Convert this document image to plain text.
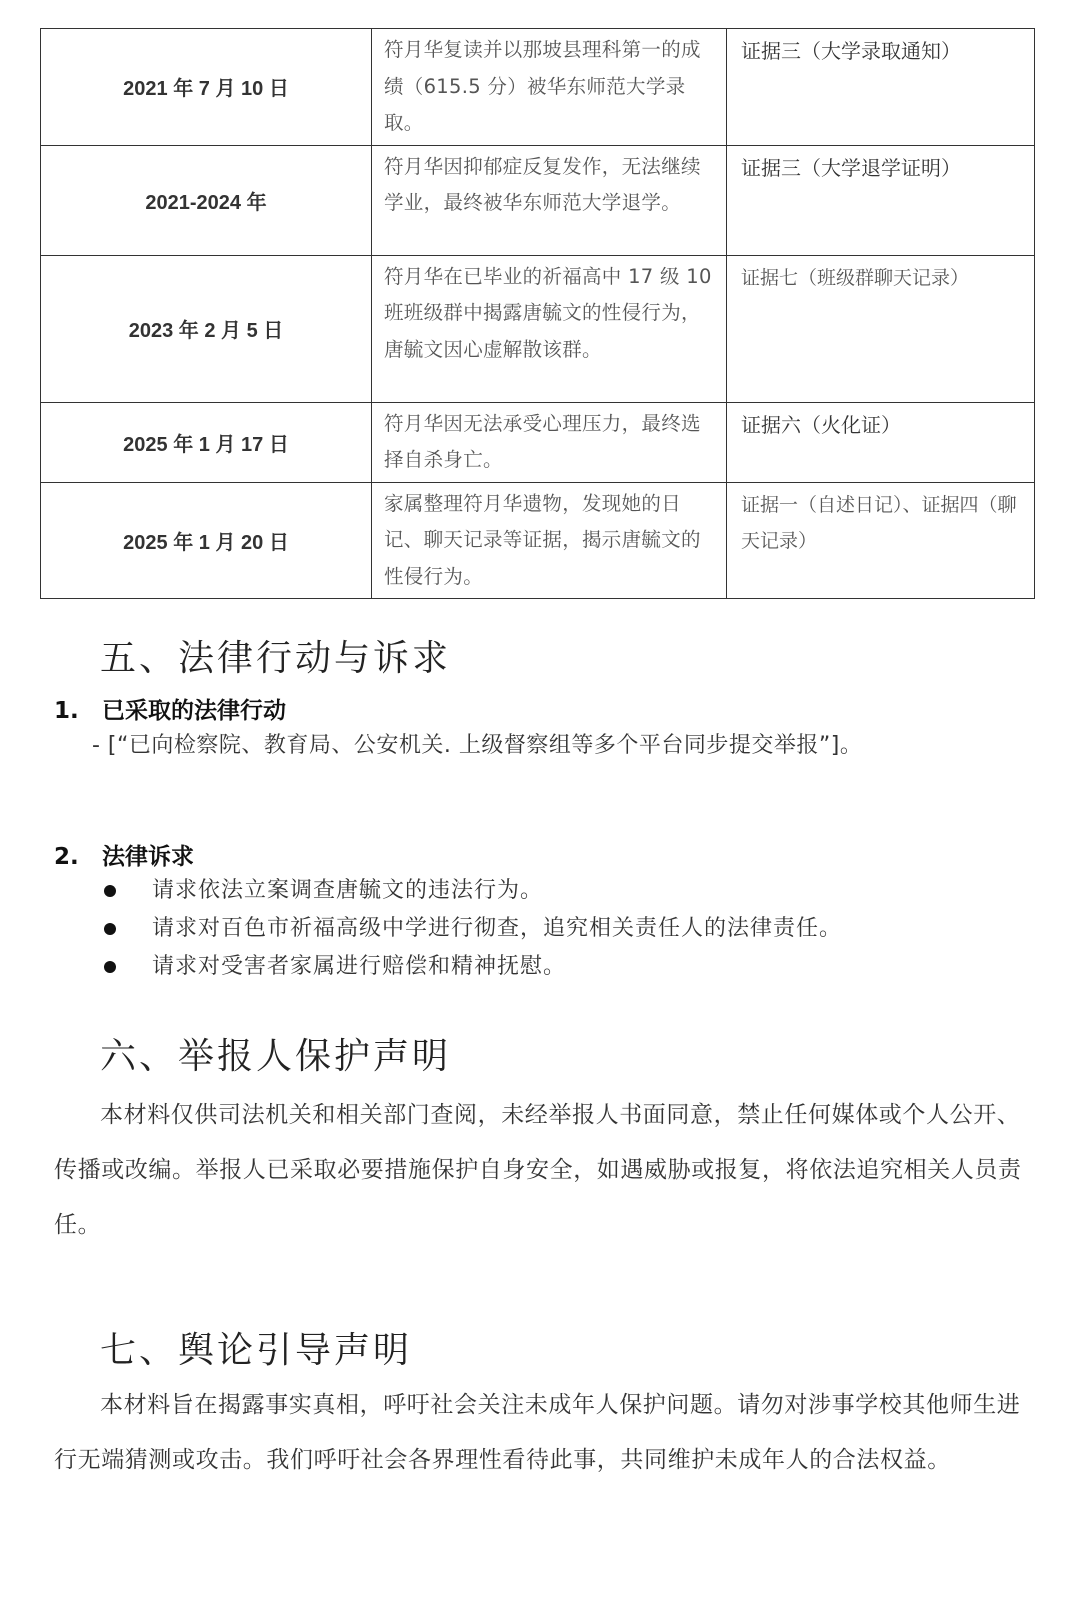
2021 年 7 月 10 日	符月华复读并以那坡县理科第一的成绩（615.5 分）被华东师范大学录取。	证据三（大学录取通知）
2021-2024 年	符月华因抑郁症反复发作，无法继续学业，最终被华东师范大学退学。	证据三（大学退学证明）
2023 年 2 月 5 日	符月华在已毕业的祈福高中 17 级 10 班班级群中揭露唐毓文的性侵行为，唐毓文因心虚解散该群。	证据七（班级群聊天记录）
2025 年 1 月 17 日	符月华因无法承受心理压力，最终选择自杀身亡。	证据六（火化证）
2025 年 1 月 20 日	家属整理符月华遗物，发现她的日记、聊天记录等证据，揭示唐毓文的性侵行为。	证据一（自述日记）、证据四（聊天记录）
五、法律行动与诉求
1. 已采取的法律行动

- [“已向检察院、教育局、公安机关. 上级督察组等多个平台同步提交举报”]。

2. 法律诉求
请求依法立案调查唐毓文的违法行为。
请求对百色市祈福高级中学进行彻查，追究相关责任人的法律责任。
请求对受害者家属进行赔偿和精神抚慰。
六、举报人保护声明

本材料仅供司法机关和相关部门查阅，未经举报人书面同意，禁止任何媒体或个人公开、传播或改编。举报人已采取必要措施保护自身安全，如遇威胁或报复，将依法追究相关人员责任。

七、舆论引导声明

本材料旨在揭露事实真相，呼吁社会关注未成年人保护问题。请勿对涉事学校其他师生进行无端猜测或攻击。我们呼吁社会各界理性看待此事，共同维护未成年人的合法权益。
